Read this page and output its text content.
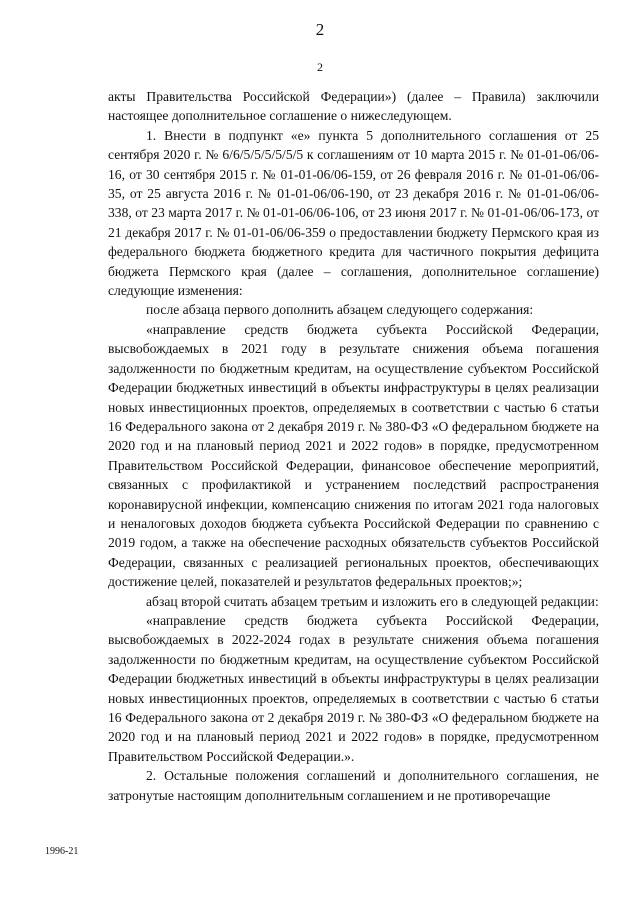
2
2

акты Правительства Российской Федерации») (далее – Правила) заключили настоящее дополнительное соглашение о нижеследующем.

1. Внести в подпункт «е» пункта 5 дополнительного соглашения от 25 сентября 2020 г. № 6/6/5/5/5/5/5/5 к соглашениям от 10 марта 2015 г. № 01-01-06/06-16, от 30 сентября 2015 г. № 01-01-06/06-159, от 26 февраля 2016 г. № 01-01-06/06-35, от 25 августа 2016 г. № 01-01-06/06-190, от 23 декабря 2016 г. № 01-01-06/06-338, от 23 марта 2017 г. № 01-01-06/06-106, от 23 июня 2017 г. № 01-01-06/06-173, от 21 декабря 2017 г. № 01-01-06/06-359 о предоставлении бюджету Пермского края из федерального бюджета бюджетного кредита для частичного покрытия дефицита бюджета Пермского края (далее – соглашения, дополнительное соглашение) следующие изменения:

после абзаца первого дополнить абзацем следующего содержания:

«направление средств бюджета субъекта Российской Федерации, высвобождаемых в 2021 году в результате снижения объема погашения задолженности по бюджетным кредитам, на осуществление субъектом Российской Федерации бюджетных инвестиций в объекты инфраструктуры в целях реализации новых инвестиционных проектов, определяемых в соответствии с частью 6 статьи 16 Федерального закона от 2 декабря 2019 г. № 380-ФЗ «О федеральном бюджете на 2020 год и на плановый период 2021 и 2022 годов» в порядке, предусмотренном Правительством Российской Федерации, финансовое обеспечение мероприятий, связанных с профилактикой и устранением последствий распространения коронавирусной инфекции, компенсацию снижения по итогам 2021 года налоговых и неналоговых доходов бюджета субъекта Российской Федерации по сравнению с 2019 годом, а также на обеспечение расходных обязательств субъектов Российской Федерации, связанных с реализацией региональных проектов, обеспечивающих достижение целей, показателей и результатов федеральных проектов;»;

абзац второй считать абзацем третьим и изложить его в следующей редакции:

«направление средств бюджета субъекта Российской Федерации, высвобождаемых в 2022-2024 годах в результате снижения объема погашения задолженности по бюджетным кредитам, на осуществление субъектом Российской Федерации бюджетных инвестиций в объекты инфраструктуры в целях реализации новых инвестиционных проектов, определяемых в соответствии с частью 6 статьи 16 Федерального закона от 2 декабря 2019 г. № 380-ФЗ «О федеральном бюджете на 2020 год и на плановый период 2021 и 2022 годов» в порядке, предусмотренном Правительством Российской Федерации.».

2. Остальные положения соглашений и дополнительного соглашения, не затронутые настоящим дополнительным соглашением и не противоречащие

1996-21
